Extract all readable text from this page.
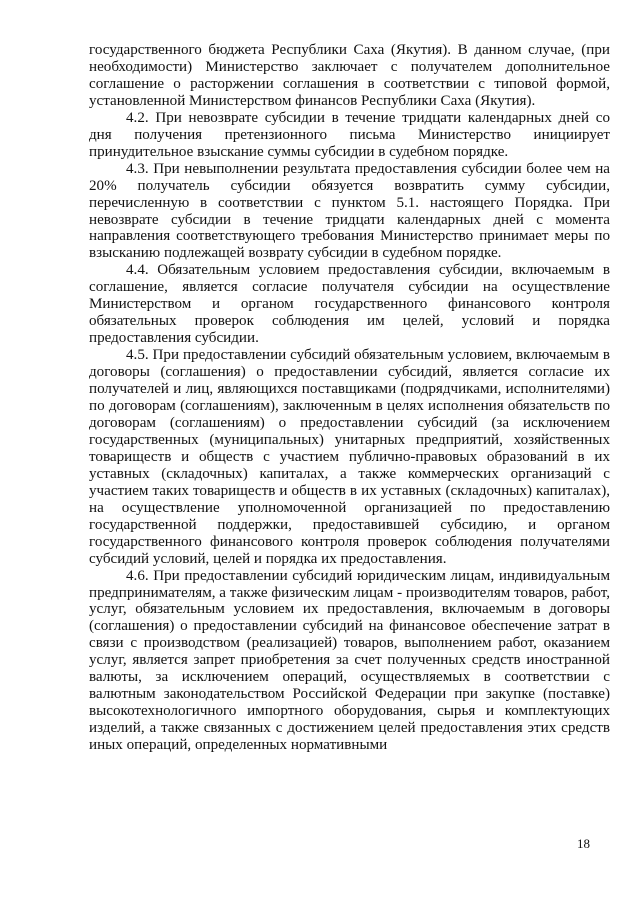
государственного бюджета Республики Саха (Якутия). В данном случае, (при необходимости) Министерство заключает с получателем дополнительное соглашение о расторжении соглашения в соответствии с типовой формой, установленной Министерством финансов Республики Саха (Якутия).

4.2. При невозврате субсидии в течение тридцати календарных дней со дня получения претензионного письма Министерство инициирует принудительное взыскание суммы субсидии в судебном порядке.

4.3. При невыполнении результата предоставления субсидии более чем на 20% получатель субсидии обязуется возвратить сумму субсидии, перечисленную в соответствии с пунктом 5.1. настоящего Порядка. При невозврате субсидии в течение тридцати календарных дней с момента направления соответствующего требования Министерство принимает меры по взысканию подлежащей возврату субсидии в судебном порядке.

4.4. Обязательным условием предоставления субсидии, включаемым в соглашение, является согласие получателя субсидии на осуществление Министерством и органом государственного финансового контроля обязательных проверок соблюдения им целей, условий и порядка предоставления субсидии.

4.5. При предоставлении субсидий обязательным условием, включаемым в договоры (соглашения) о предоставлении субсидий, является согласие их получателей и лиц, являющихся поставщиками (подрядчиками, исполнителями) по договорам (соглашениям), заключенным в целях исполнения обязательств по договорам (соглашениям) о предоставлении субсидий (за исключением государственных (муниципальных) унитарных предприятий, хозяйственных товариществ и обществ с участием публично-правовых образований в их уставных (складочных) капиталах, а также коммерческих организаций с участием таких товариществ и обществ в их уставных (складочных) капиталах), на осуществление уполномоченной организацией по предоставлению государственной поддержки, предоставившей субсидию, и органом государственного финансового контроля проверок соблюдения получателями субсидий условий, целей и порядка их предоставления.

4.6. При предоставлении субсидий юридическим лицам, индивидуальным предпринимателям, а также физическим лицам - производителям товаров, работ, услуг, обязательным условием их предоставления, включаемым в договоры (соглашения) о предоставлении субсидий на финансовое обеспечение затрат в связи с производством (реализацией) товаров, выполнением работ, оказанием услуг, является запрет приобретения за счет полученных средств иностранной валюты, за исключением операций, осуществляемых в соответствии с валютным законодательством Российской Федерации при закупке (поставке) высокотехнологичного импортного оборудования, сырья и комплектующих изделий, а также связанных с достижением целей предоставления этих средств иных операций, определенных нормативными

18
